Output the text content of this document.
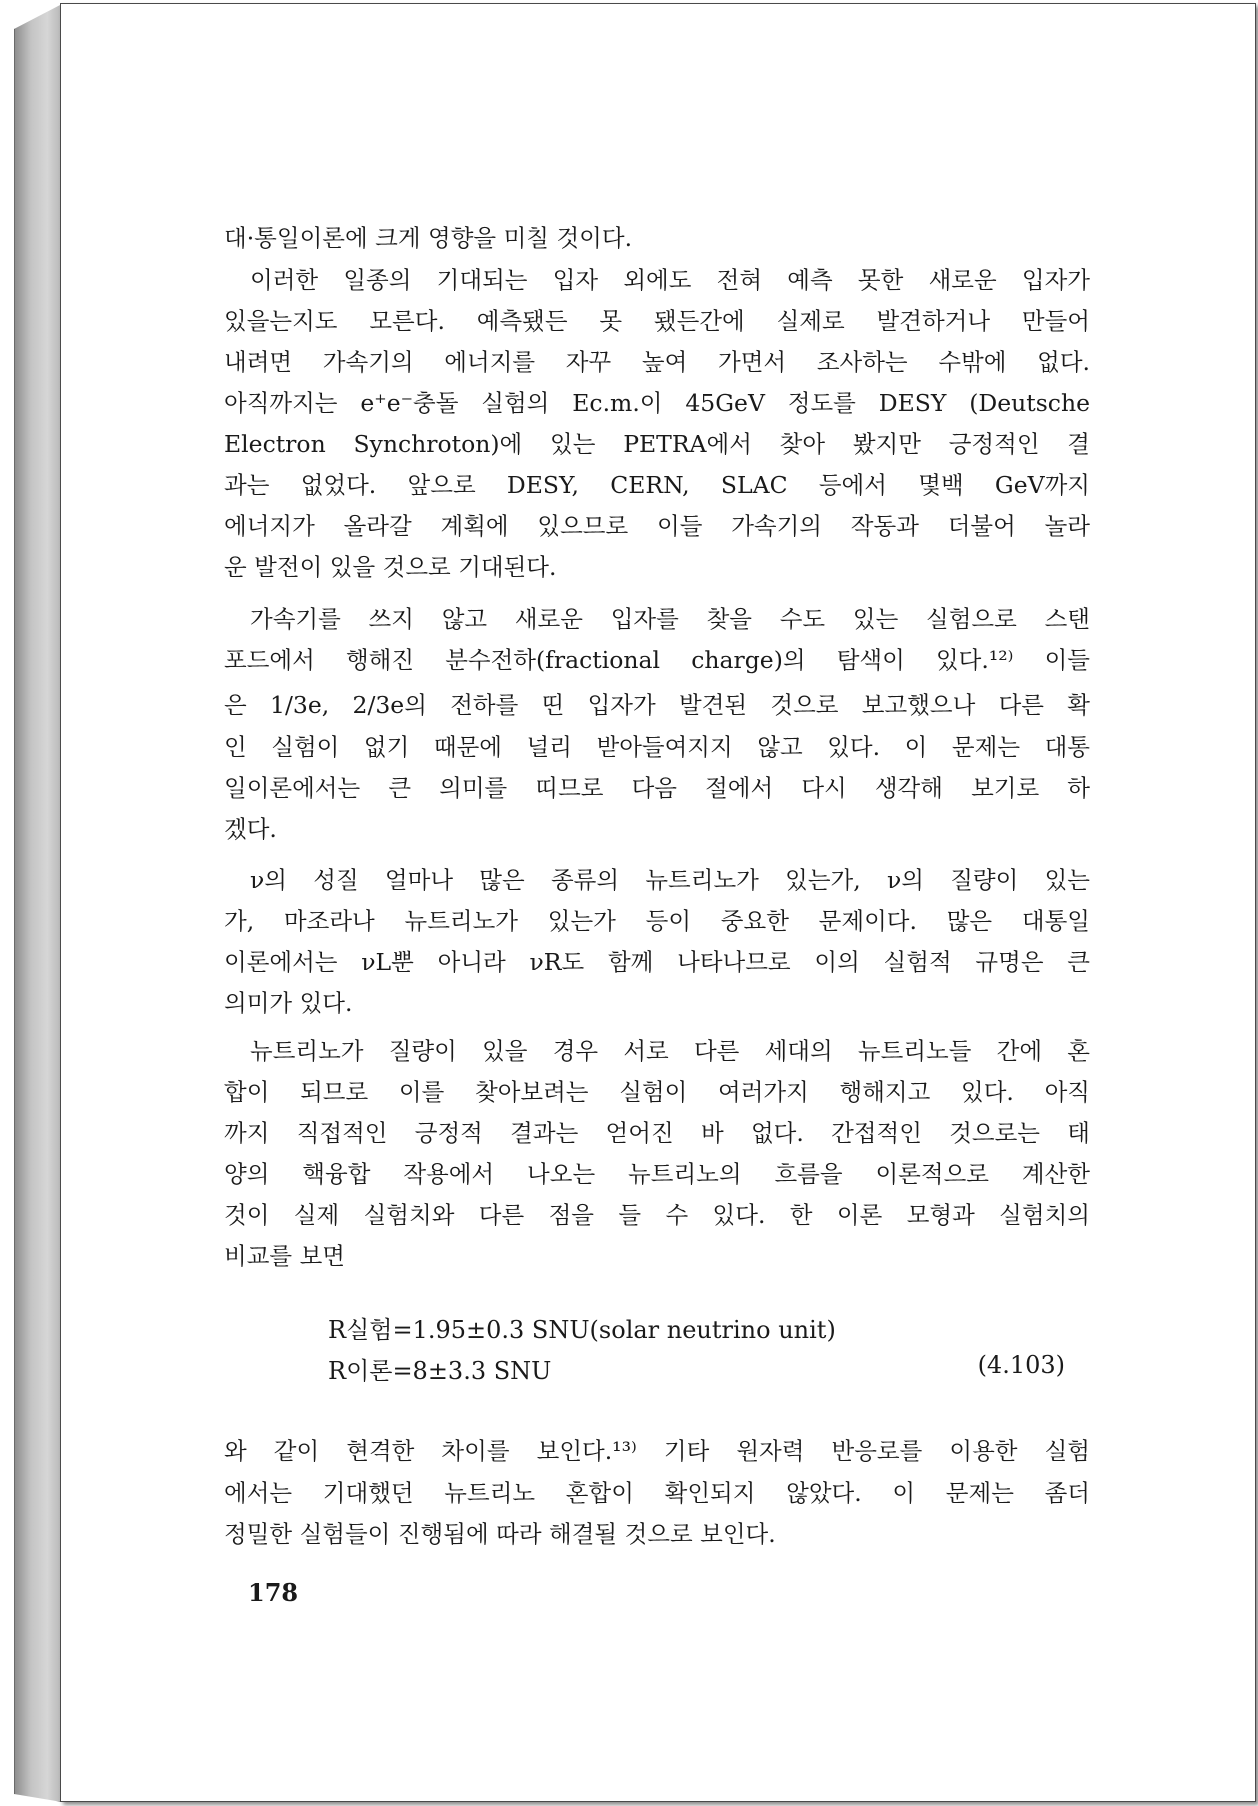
대·통일이론에 크게 영향을 미칠 것이다.
이러한 일종의 기대되는 입자 외에도 전혀 예측 못한 새로운 입자가
있을는지도 모른다. 예측됐든 못 됐든간에 실제로 발견하거나 만들어
내려면 가속기의 에너지를 자꾸 높여 가면서 조사하는 수밖에 없다.
아직까지는 e⁺e⁻충돌 실험의 Ec.m.이 45GeV 정도를 DESY (Deutsche
Electron Synchroton)에 있는 PETRA에서 찾아 봤지만 긍정적인 결
과는 없었다. 앞으로 DESY, CERN, SLAC 등에서 몇백 GeV까지
에너지가 올라갈 계획에 있으므로 이들 가속기의 작동과 더불어 놀라
운 발전이 있을 것으로 기대된다.
가속기를 쓰지 않고 새로운 입자를 찾을 수도 있는 실험으로 스탠
포드에서 행해진 분수전하(fractional charge)의 탐색이 있다.¹²⁾ 이들
은 1/3e, 2/3e의 전하를 띤 입자가 발견된 것으로 보고했으나 다른 확
인 실험이 없기 때문에 널리 받아들여지지 않고 있다. 이 문제는 대통
일이론에서는 큰 의미를 띠므로 다음 절에서 다시 생각해 보기로 하
겠다.
ν의 성질 얼마나 많은 종류의 뉴트리노가 있는가, ν의 질량이 있는
가, 마조라나 뉴트리노가 있는가 등이 중요한 문제이다. 많은 대통일
이론에서는 νL뿐 아니라 νR도 함께 나타나므로 이의 실험적 규명은 큰
의미가 있다.
뉴트리노가 질량이 있을 경우 서로 다른 세대의 뉴트리노들 간에 혼
합이 되므로 이를 찾아보려는 실험이 여러가지 행해지고 있다. 아직
까지 직접적인 긍정적 결과는 얻어진 바 없다. 간접적인 것으로는 태
양의 핵융합 작용에서 나오는 뉴트리노의 흐름을 이론적으로 계산한
것이 실제 실험치와 다른 점을 들 수 있다. 한 이론 모형과 실험치의
비교를 보면
와 같이 현격한 차이를 보인다.¹³⁾ 기타 원자력 반응로를 이용한 실험
에서는 기대했던 뉴트리노 혼합이 확인되지 않았다. 이 문제는 좀더
정밀한 실험들이 진행됨에 따라 해결될 것으로 보인다.
R실험=1.95±0.3 SNU(solar neutrino unit)
R이론=8±3.3 SNU	(4.103)
178
